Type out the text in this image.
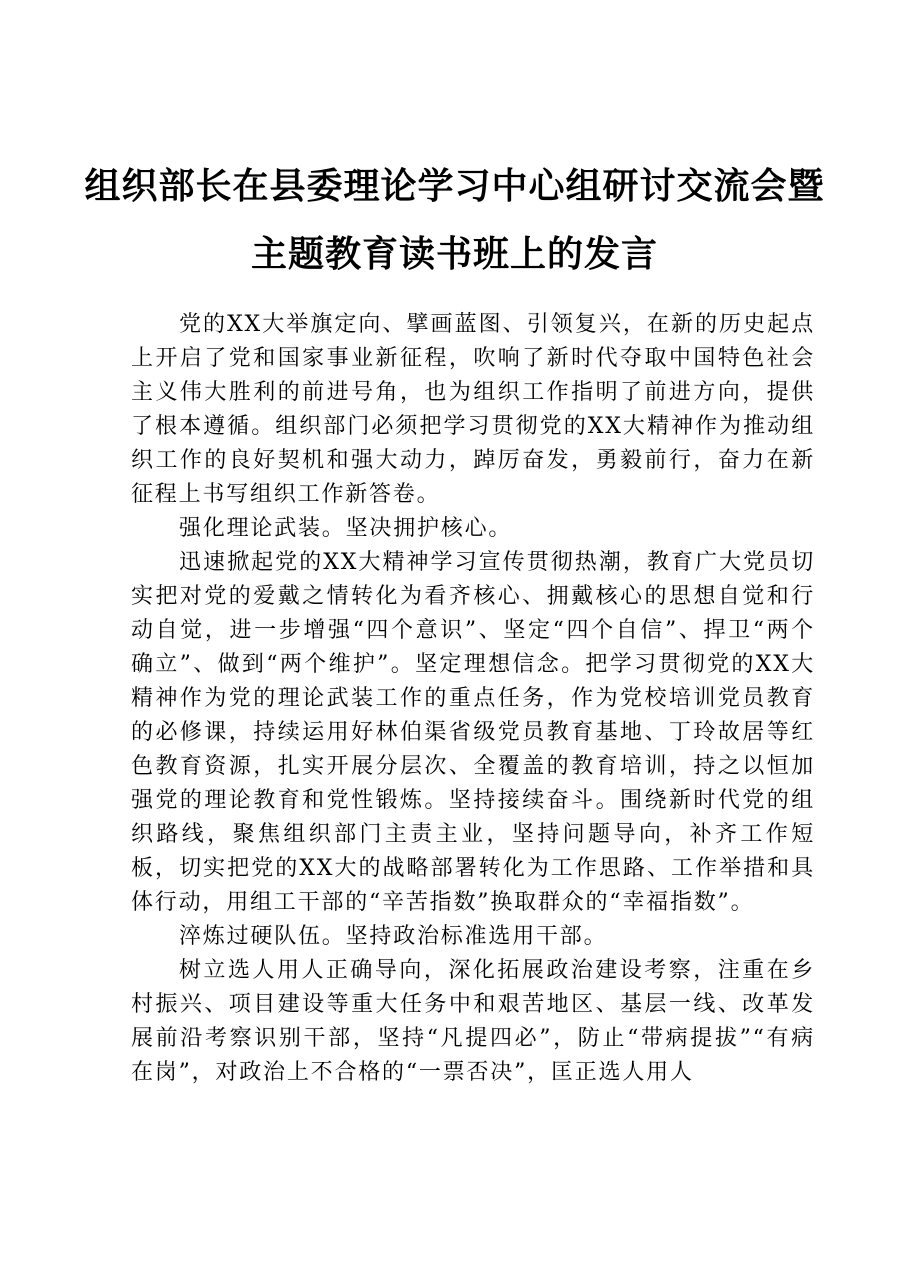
组织部长在县委理论学习中心组研讨交流会暨
主题教育读书班上的发言

党的XX大举旗定向、擘画蓝图、引领复兴，在新的历史起点上开启了党和国家事业新征程，吹响了新时代夺取中国特色社会主义伟大胜利的前进号角，也为组织工作指明了前进方向，提供了根本遵循。组织部门必须把学习贯彻党的XX大精神作为推动组织工作的良好契机和强大动力，踔厉奋发，勇毅前行，奋力在新征程上书写组织工作新答卷。

强化理论武装。坚决拥护核心。

迅速掀起党的XX大精神学习宣传贯彻热潮，教育广大党员切实把对党的爱戴之情转化为看齐核心、拥戴核心的思想自觉和行动自觉，进一步增强“四个意识”、坚定“四个自信”、捍卫“两个确立”、做到“两个维护”。坚定理想信念。把学习贯彻党的XX大精神作为党的理论武装工作的重点任务，作为党校培训党员教育的必修课，持续运用好林伯渠省级党员教育基地、丁玲故居等红色教育资源，扎实开展分层次、全覆盖的教育培训，持之以恒加强党的理论教育和党性锻炼。坚持接续奋斗。围绕新时代党的组织路线，聚焦组织部门主责主业，坚持问题导向，补齐工作短板，切实把党的XX大的战略部署转化为工作思路、工作举措和具体行动，用组工干部的“辛苦指数”换取群众的“幸福指数”。

淬炼过硬队伍。坚持政治标准选用干部。

树立选人用人正确导向，深化拓展政治建设考察，注重在乡村振兴、项目建设等重大任务中和艰苦地区、基层一线、改革发展前沿考察识别干部，坚持“凡提四必”，防止“带病提拔”“有病在岗”，对政治上不合格的“一票否决”，匡正选人用人
